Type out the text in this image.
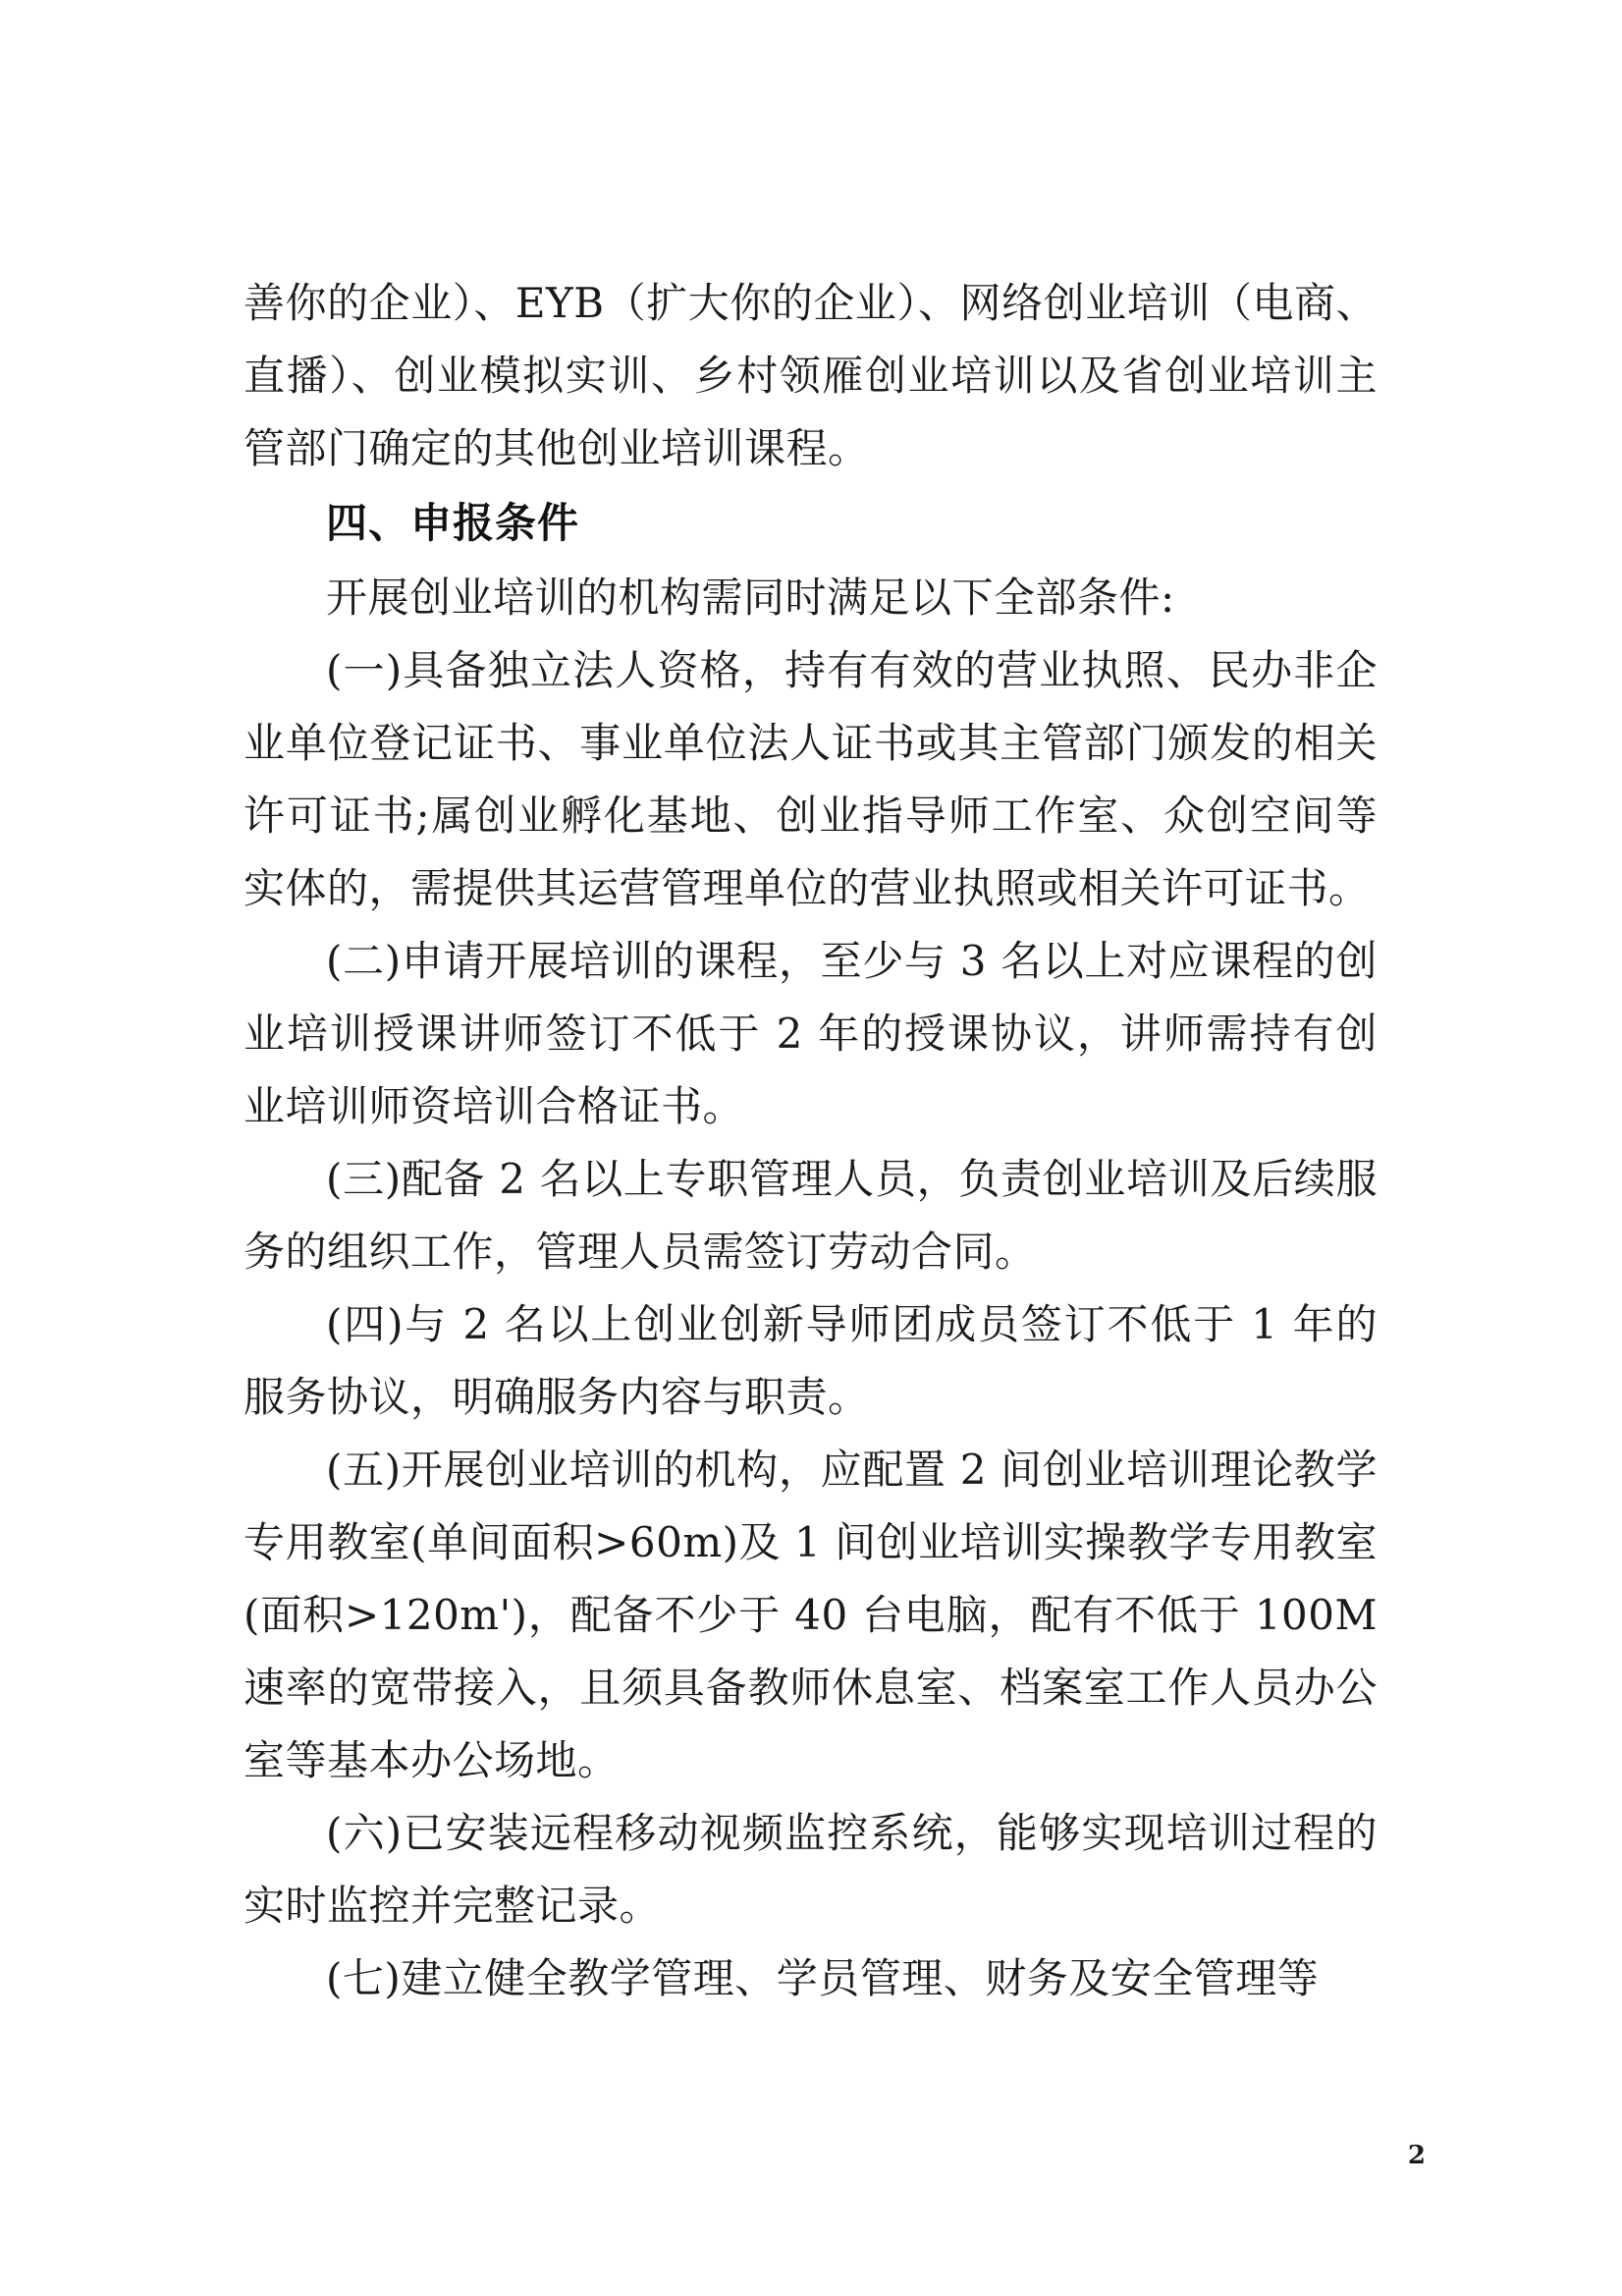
善你的企业）、EYB（扩大你的企业）、网络创业培训（电商、直播）、创业模拟实训、乡村领雁创业培训以及省创业培训主管部门确定的其他创业培训课程。
四、申报条件
开展创业培训的机构需同时满足以下全部条件:
(一)具备独立法人资格，持有有效的营业执照、民办非企业单位登记证书、事业单位法人证书或其主管部门颁发的相关许可证书;属创业孵化基地、创业指导师工作室、众创空间等实体的，需提供其运营管理单位的营业执照或相关许可证书。
(二)申请开展培训的课程，至少与 3 名以上对应课程的创业培训授课讲师签订不低于 2 年的授课协议，讲师需持有创业培训师资培训合格证书。
(三)配备 2 名以上专职管理人员，负责创业培训及后续服务的组织工作，管理人员需签订劳动合同。
(四)与 2 名以上创业创新导师团成员签订不低于 1 年的服务协议，明确服务内容与职责。
(五)开展创业培训的机构，应配置 2 间创业培训理论教学专用教室(单间面积>60m)及 1 间创业培训实操教学专用教室(面积>120m')，配备不少于 40 台电脑，配有不低于 100M 速率的宽带接入，且须具备教师休息室、档案室工作人员办公室等基本办公场地。
(六)已安装远程移动视频监控系统，能够实现培训过程的实时监控并完整记录。
(七)建立健全教学管理、学员管理、财务及安全管理等
2
